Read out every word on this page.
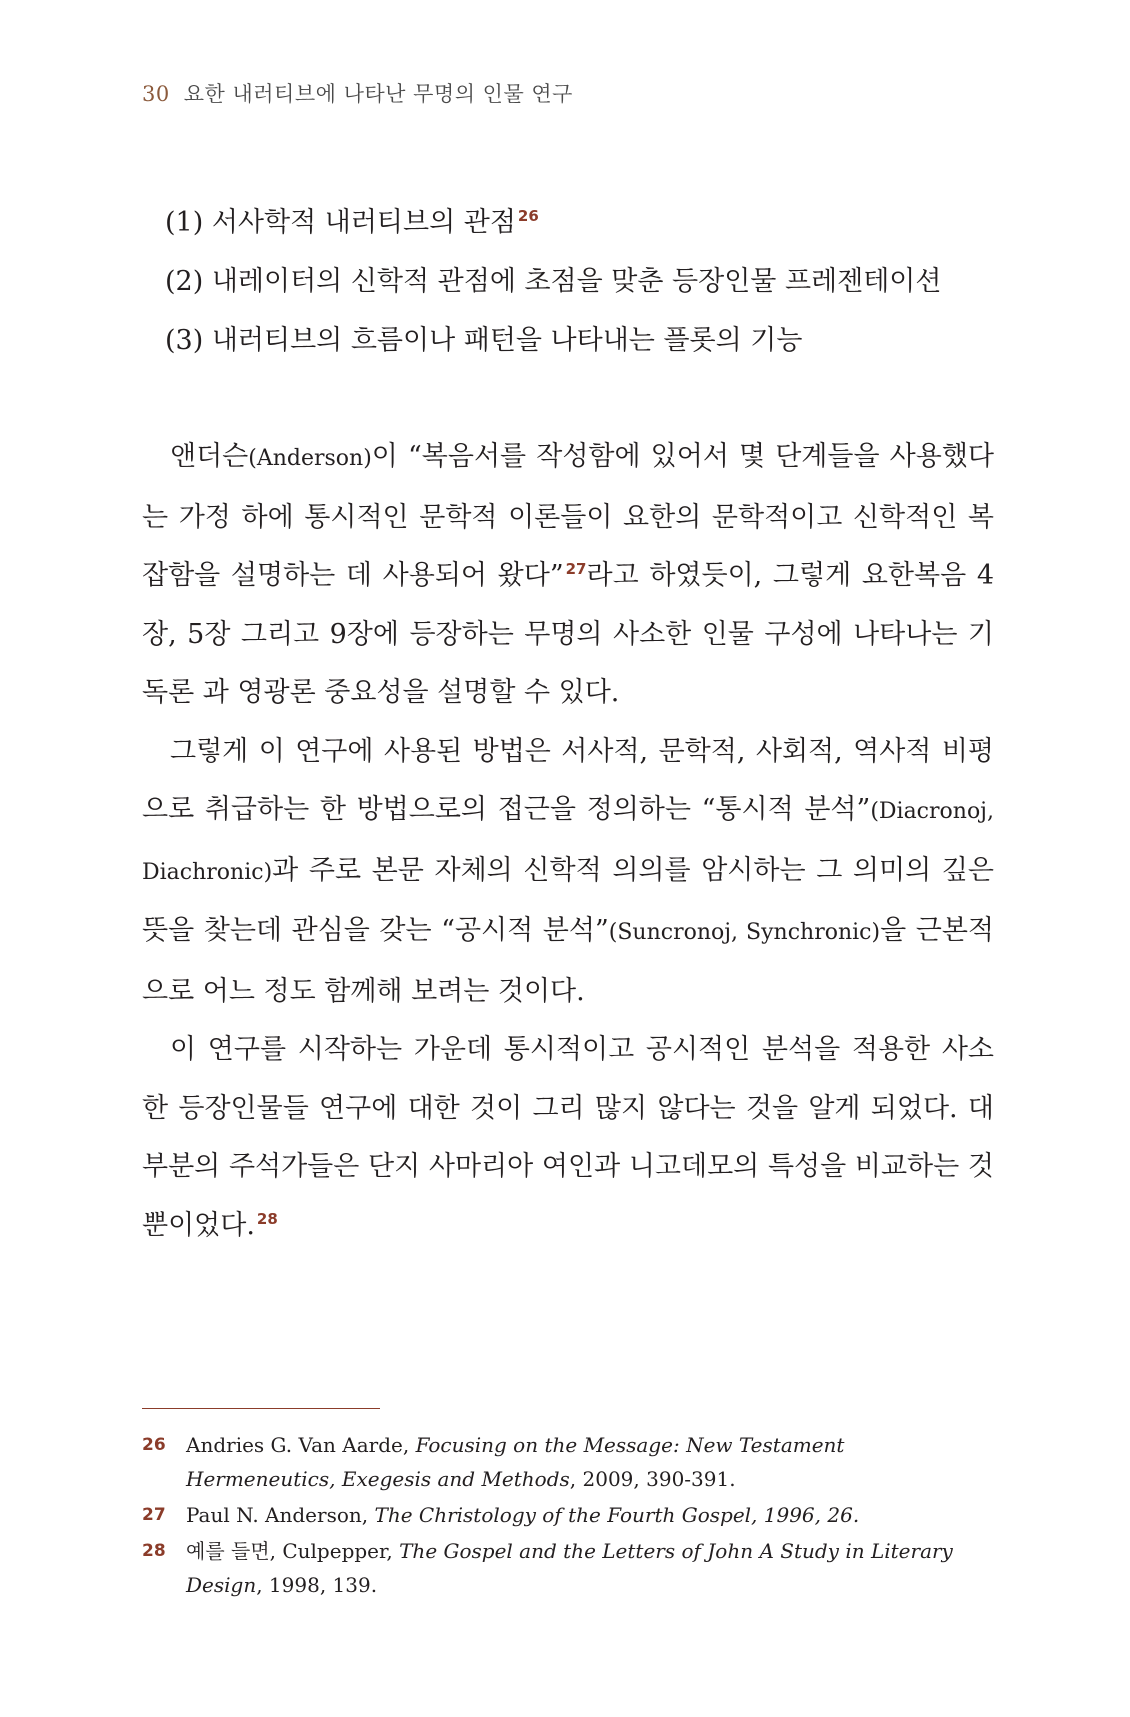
30 요한 내러티브에 나타난 무명의 인물 연구
(1) 서사학적 내러티브의 관점 $^{26}$
(2) 내레이터의 신학적 관점에 초점을 맞춘 등장인물 프레젠테이션
(3) 내러티브의 흐름이나 패턴을 나타내는 플롯의 기능

앤더슨(Anderson)이 “복음서를 작성함에 있어서 몇 단계들을 사용했다는 가정 하에 통시적인 문학적 이론들이 요한의 문학적이고 신학적인 복잡함을 설명하는 데 사용되어 왔다” $^{27}$라고 하였듯이, 그렇게 요한복음 4장, 5장 그리고 9장에 등장하는 무명의 사소한 인물 구성에 나타나는 기독론 과 영광론 중요성을 설명할 수 있다.

그렇게 이 연구에 사용된 방법은 서사적, 문학적, 사회적, 역사적 비평으로 취급하는 한 방법으로의 접근을 정의하는 “통시적 분석”(Diacronoj, Diachronic)과 주로 본문 자체의 신학적 의의를 암시하는 그 의미의 깊은 뜻을 찾는데 관심을 갖는 “공시적 분석”(Suncronoj, Synchronic)을 근본적으로 어느 정도 함께해 보려는 것이다.

이 연구를 시작하는 가운데 통시적이고 공시적인 분석을 적용한 사소한 등장인물들 연구에 대한 것이 그리 많지 않다는 것을 알게 되었다. 대부분의 주석가들은 단지 사마리아 여인과 니고데모의 특성을 비교하는 것뿐이었다. $^{28}$

26 Andries G. Van Aarde, Focusing on the Message: New Testament Hermeneutics, Exegesis and Methods, 2009, 390-391.
27 Paul N. Anderson, The Christology of the Fourth Gospel, 1996, 26.
28 예를 들면, Culpepper, The Gospel and the Letters of John A Study in Literary Design, 1998, 139.
